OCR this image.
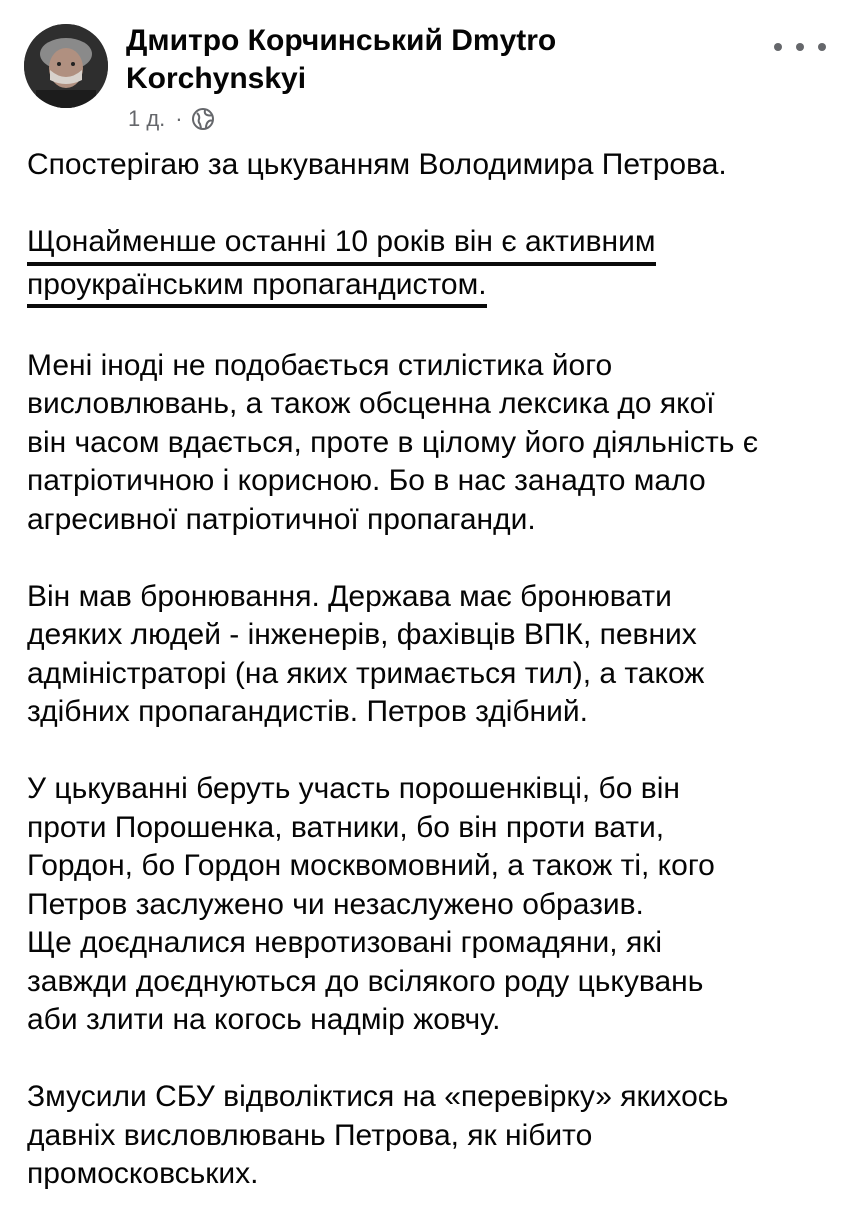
Дмитро Корчинський Dmytro Korchynskyi
1 д. ·

Спостерігаю за цькуванням Володимира Петрова.

Щонайменше останні 10 років він є активним
проукраїнським пропагандистом.

Мені іноді не подобається стилістика його
висловлювань, а також обсценна лексика до якої
він часом вдається, проте в цілому його діяльність є
патріотичною і корисною. Бо в нас занадто мало
агресивної патріотичної пропаганди.

Він мав бронювання. Держава має бронювати
деяких людей - інженерів, фахівців ВПК, певних
адміністраторі (на яких тримається тил), а також
здібних пропагандистів. Петров здібний.

У цькуванні беруть участь порошенківці, бо він
проти Порошенка, ватники, бо він проти вати,
Гордон, бо Гордон москвомовний, а також ті, кого
Петров заслужено чи незаслужено образив.
Ще доєдналися невротизовані громадяни, які
завжди доєднуються до всілякого роду цькувань
аби злити на когось надмір жовчу.

Змусили СБУ відволіктися на «перевірку» якихось
давніх висловлювань Петрова, як нібито
промосковських.
